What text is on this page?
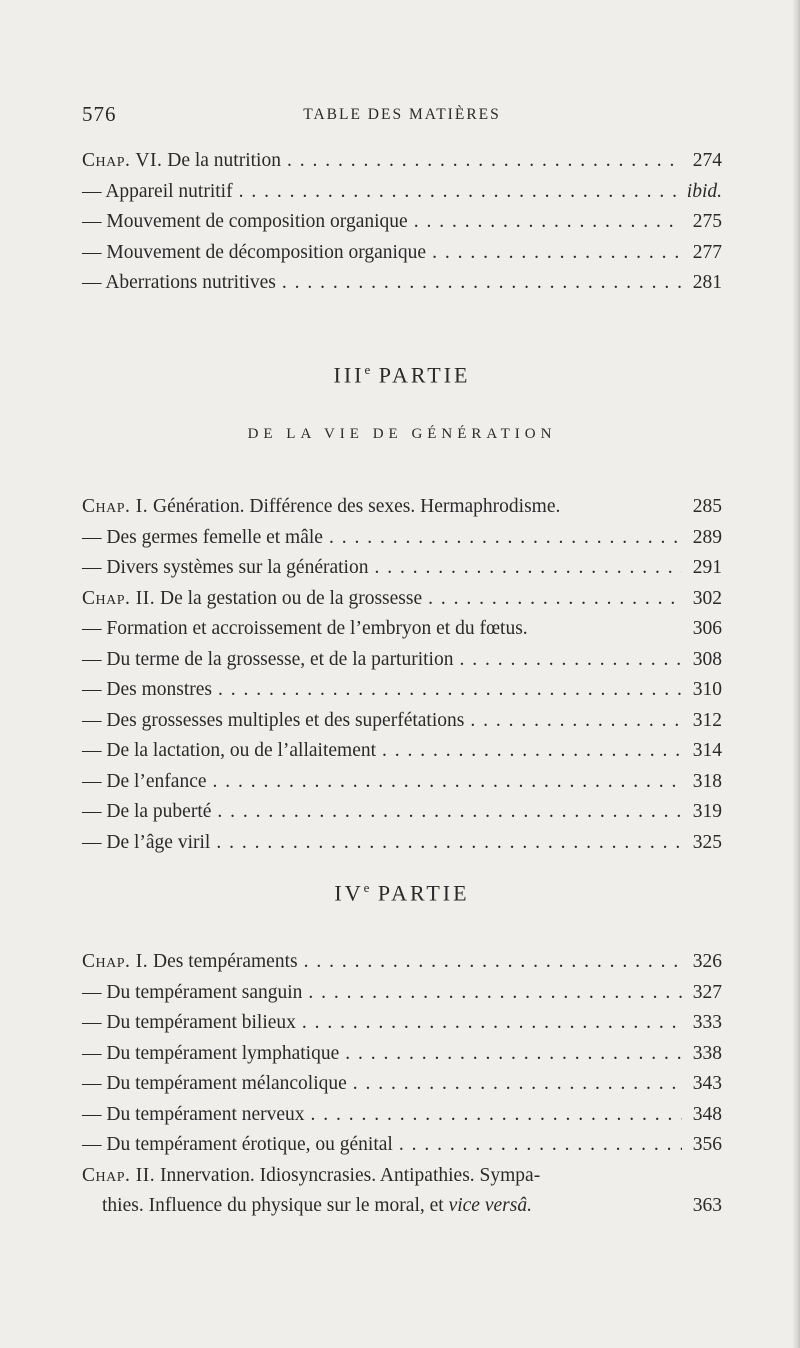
576	TABLE DES MATIÈRES
Chap. VI. De la nutrition . . .	274
— Appareil nutritif . . .	ibid.
— Mouvement de composition organique . . .	275
— Mouvement de décomposition organique . . .	277
— Aberrations nutritives . . .	281
IIIe PARTIE
DE LA VIE DE GÉNÉRATION
Chap. I. Génération. Différence des sexes. Hermaphrodisme.	285
— Des germes femelle et mâle . . .	289
— Divers systèmes sur la génération . . .	291
Chap. II. De la gestation ou de la grossesse . . .	302
— Formation et accroissement de l’embryon et du fœtus.	306
— Du terme de la grossesse, et de la parturition . . .	308
— Des monstres . . .	310
— Des grossesses multiples et des superfétations . . .	312
— De la lactation, ou de l’allaitement . . .	314
— De l’enfance . . .	318
— De la puberté . . .	319
— De l’âge viril . . .	325
IVe PARTIE
Chap. I. Des tempéraments . . .	326
— Du tempérament sanguin . . .	327
— Du tempérament bilieux . . .	333
— Du tempérament lymphatique . . .	338
— Du tempérament mélancolique . . .	343
— Du tempérament nerveux . . .	348
— Du tempérament érotique, ou génital . . .	356
Chap. II. Innervation. Idiosyncrasies. Antipathies. Sympa-
thies. Influence du physique sur le moral, et vice versâ.	363
